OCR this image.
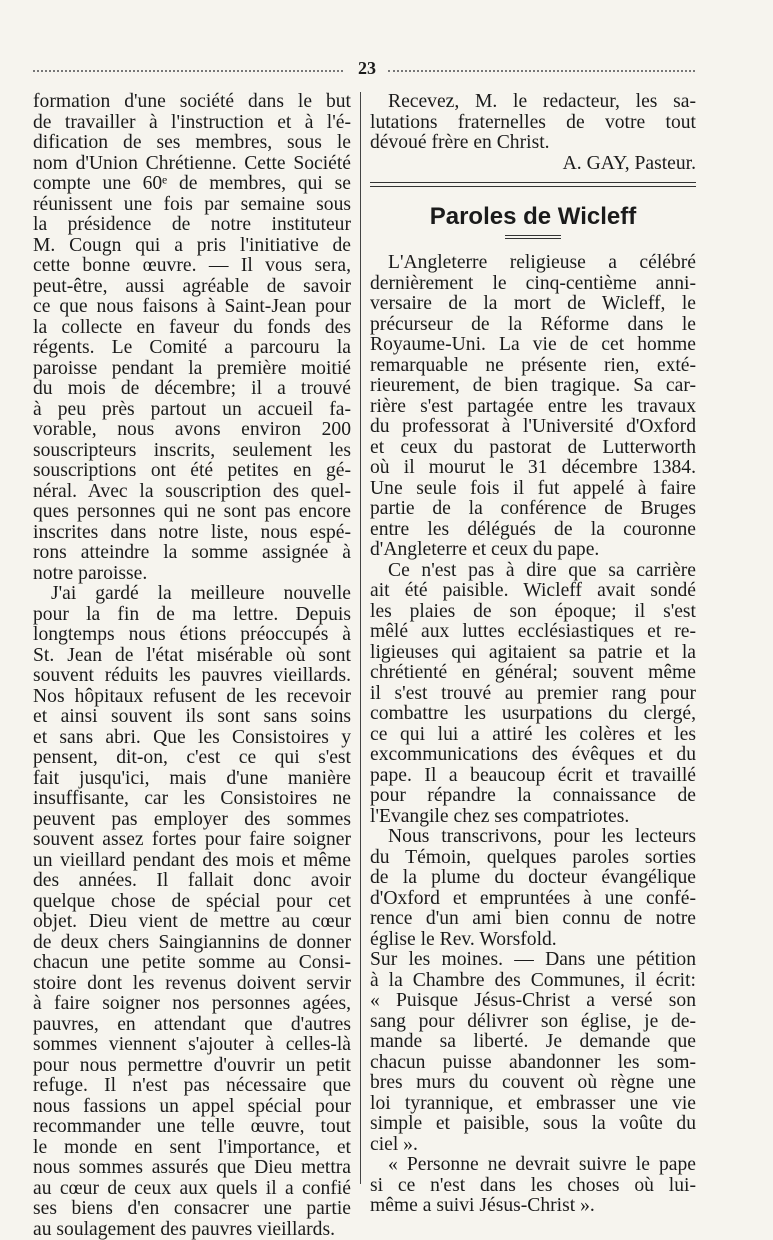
23
formation d'une société dans le but
de travailler à l'instruction et à l'é-
dification de ses membres, sous le
nom d'Union Chrétienne. Cette Société
compte une 60ᵉ de membres, qui se
réunissent une fois par semaine sous
la présidence de notre instituteur
M. Cougn qui a pris l'initiative de
cette bonne œuvre. — Il vous sera,
peut-être, aussi agréable de savoir
ce que nous faisons à Saint-Jean pour
la collecte en faveur du fonds des
régents. Le Comité a parcouru la
paroisse pendant la première moitié
du mois de décembre; il a trouvé
à peu près partout un accueil fa-
vorable, nous avons environ 200
souscripteurs inscrits, seulement les
souscriptions ont été petites en gé-
néral. Avec la souscription des quel-
ques personnes qui ne sont pas encore
inscrites dans notre liste, nous espé-
rons atteindre la somme assignée à
notre paroisse.
J'ai gardé la meilleure nouvelle
pour la fin de ma lettre. Depuis
longtemps nous étions préoccupés à
St. Jean de l'état misérable où sont
souvent réduits les pauvres vieillards.
Nos hôpitaux refusent de les recevoir
et ainsi souvent ils sont sans soins
et sans abri. Que les Consistoires y
pensent, dit-on, c'est ce qui s'est
fait jusqu'ici, mais d'une manière
insuffisante, car les Consistoires ne
peuvent pas employer des sommes
souvent assez fortes pour faire soigner
un vieillard pendant des mois et même
des années. Il fallait donc avoir
quelque chose de spécial pour cet
objet. Dieu vient de mettre au cœur
de deux chers Saingiannins de donner
chacun une petite somme au Consi-
stoire dont les revenus doivent servir
à faire soigner nos personnes agées,
pauvres, en attendant que d'autres
sommes viennent s'ajouter à celles-là
pour nous permettre d'ouvrir un petit
refuge. Il n'est pas nécessaire que
nous fassions un appel spécial pour
recommander une telle œuvre, tout
le monde en sent l'importance, et
nous sommes assurés que Dieu mettra
au cœur de ceux aux quels il a confié
ses biens d'en consacrer une partie
au soulagement des pauvres vieillards.
Recevez, M. le redacteur, les sa-
lutations fraternelles de votre tout
dévoué frère en Christ.
A. GAY, Pasteur.
Paroles de Wicleff
L'Angleterre religieuse a célébré
dernièrement le cinq-centième anni-
versaire de la mort de Wicleff, le
précurseur de la Réforme dans le
Royaume-Uni. La vie de cet homme
remarquable ne présente rien, exté-
rieurement, de bien tragique. Sa car-
rière s'est partagée entre les travaux
du professorat à l'Université d'Oxford
et ceux du pastorat de Lutterworth
où il mourut le 31 décembre 1384.
Une seule fois il fut appelé à faire
partie de la conférence de Bruges
entre les délégués de la couronne
d'Angleterre et ceux du pape.
Ce n'est pas à dire que sa carrière
ait été paisible. Wicleff avait sondé
les plaies de son époque; il s'est
mêlé aux luttes ecclésiastiques et re-
ligieuses qui agitaient sa patrie et la
chrétienté en général; souvent même
il s'est trouvé au premier rang pour
combattre les usurpations du clergé,
ce qui lui a attiré les colères et les
excommunications des évêques et du
pape. Il a beaucoup écrit et travaillé
pour répandre la connaissance de
l'Evangile chez ses compatriotes.
Nous transcrivons, pour les lecteurs
du Témoin, quelques paroles sorties
de la plume du docteur évangélique
d'Oxford et empruntées à une confé-
rence d'un ami bien connu de notre
église le Rev. Worsfold.
Sur les moines. — Dans une pétition
à la Chambre des Communes, il écrit:
« Puisque Jésus-Christ a versé son
sang pour délivrer son église, je de-
mande sa liberté. Je demande que
chacun puisse abandonner les som-
bres murs du couvent où règne une
loi tyrannique, et embrasser une vie
simple et paisible, sous la voûte du
ciel ».
« Personne ne devrait suivre le pape
si ce n'est dans les choses où lui-
même a suivi Jésus-Christ ».
